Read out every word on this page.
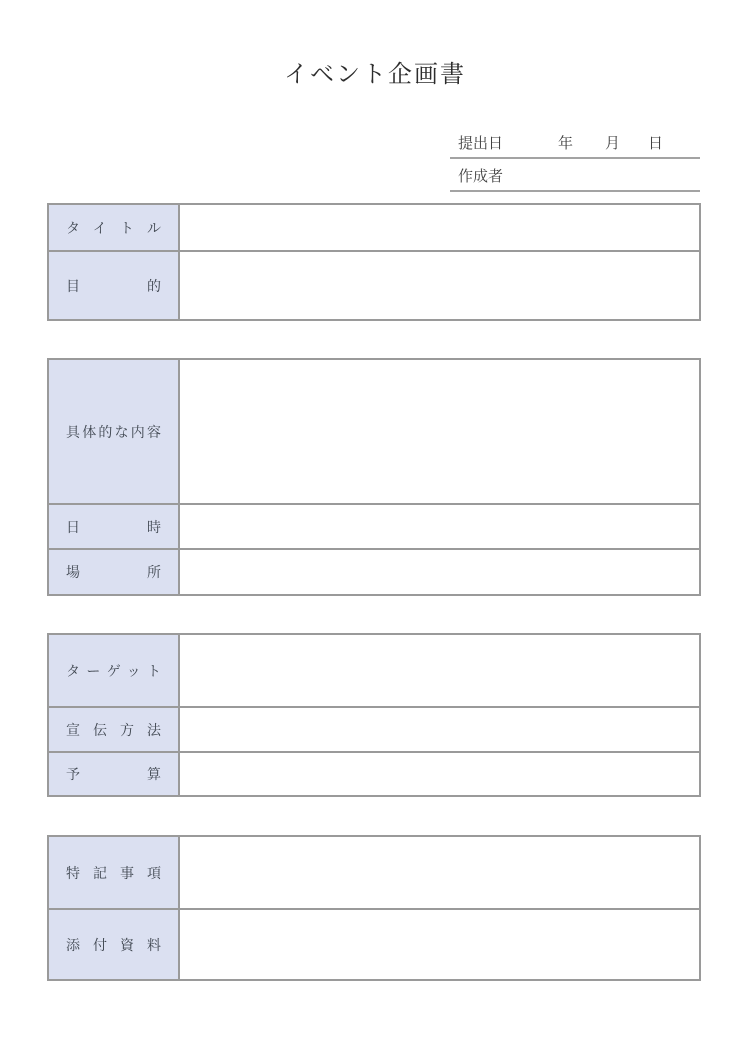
イベント企画書
提出日	年 月 日
作成者
タイトル
目的
具体的な内容
日時
場所
ターゲット
宣伝方法
予算
特記事項
添付資料
